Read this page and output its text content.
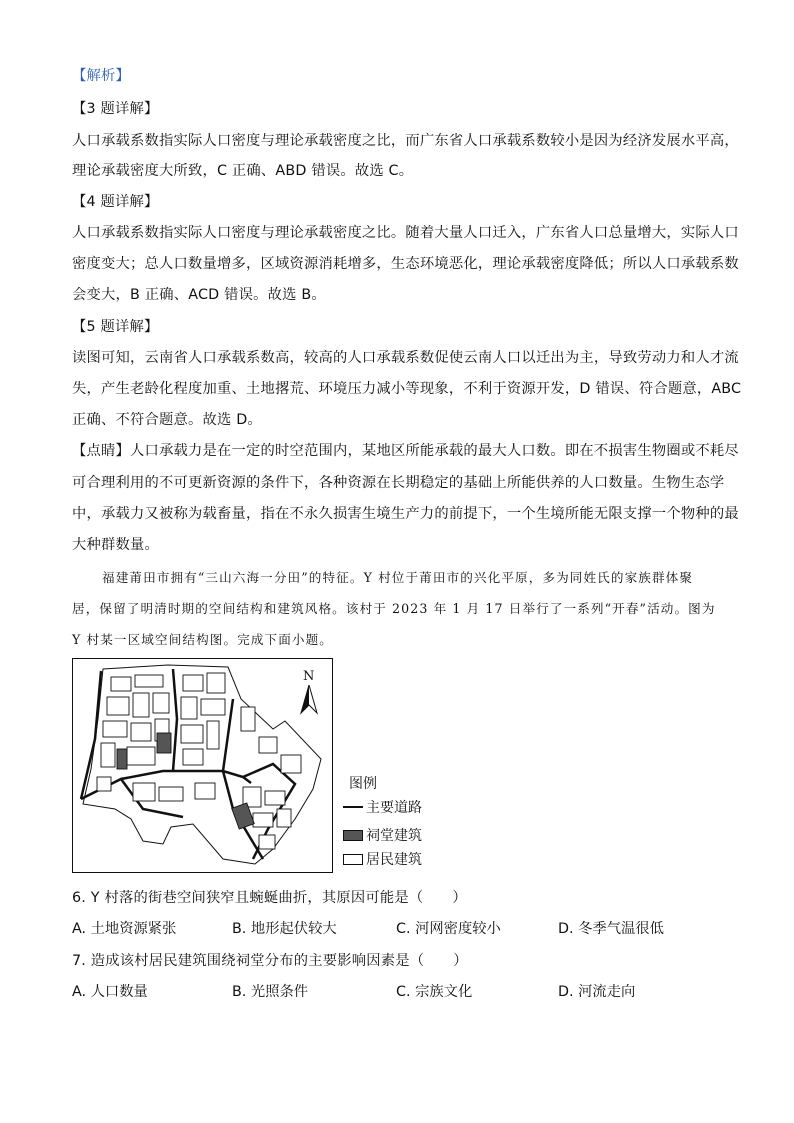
【解析】
【3 题详解】
人口承载系数指实际人口密度与理论承载密度之比，而广东省人口承载系数较小是因为经济发展水平高，
理论承载密度大所致，C 正确、ABD 错误。故选 C。
【4 题详解】
人口承载系数指实际人口密度与理论承载密度之比。随着大量人口迁入，广东省人口总量增大，实际人口
密度变大；总人口数量增多，区域资源消耗增多，生态环境恶化，理论承载密度降低；所以人口承载系数
会变大，B 正确、ACD 错误。故选 B。
【5 题详解】
读图可知，云南省人口承载系数高，较高的人口承载系数促使云南人口以迁出为主，导致劳动力和人才流
失，产生老龄化程度加重、土地撂荒、环境压力减小等现象，不利于资源开发，D 错误、符合题意，ABC
正确、不符合题意。故选 D。
【点睛】人口承载力是在一定的时空范围内，某地区所能承载的最大人口数。即在不损害生物圈或不耗尽
可合理利用的不可更新资源的条件下，各种资源在长期稳定的基础上所能供养的人口数量。生物生态学
中，承载力又被称为载畜量，指在不永久损害生境生产力的前提下，一个生境所能无限支撑一个物种的最
大种群数量。
福建莆田市拥有“三山六海一分田”的特征。Y 村位于莆田市的兴化平原，多为同姓氏的家族群体聚
居，保留了明清时期的空间结构和建筑风格。该村于 2023 年 1 月 17 日举行了一系列“开春”活动。图为
Y 村某一区域空间结构图。完成下面小题。
N
图例
主要道路
祠堂建筑
居民建筑
6. Y 村落的街巷空间狭窄且蜿蜒曲折，其原因可能是（　　）
A. 土地资源紧张	B. 地形起伏较大	C. 河网密度较小	D. 冬季气温很低
7. 造成该村居民建筑围绕祠堂分布的主要影响因素是（　　）
A. 人口数量	B. 光照条件	C. 宗族文化	D. 河流走向
